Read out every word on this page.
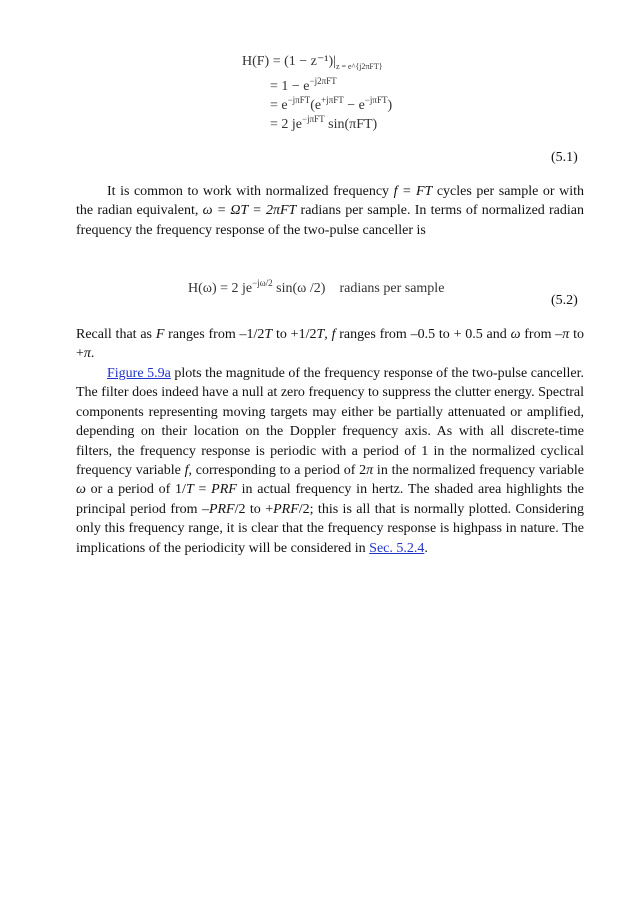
$H(F) = (1 - z^{-1})|_{z = e\^{}\{j2\pi FT\}}$
= $1 - e^{-j2\pi FT}$
= $e^{-j\pi FT}(e^{+j\pi FT} - e^{-j\pi FT})$
= 2 $je^{-j\pi FT}$ sin(πFT)
(5.1)
It is common to work with normalized frequency f = FT cycles per sample or with the radian equivalent, ω = ΩT = 2πFT radians per sample. In terms of normalized radian frequency the frequency response of the two-pulse canceller is
H(ω) = 2 $je^{-j\omega/2}$ sin(ω /2) radians per sample
(5.2)
Recall that as F ranges from –1/2T to +1/2T, f ranges from –0.5 to + 0.5 and ω from –π to +π.
Figure 5.9a plots the magnitude of the frequency response of the two-pulse canceller. The filter does indeed have a null at zero frequency to suppress the clutter energy. Spectral components representing moving targets may either be partially attenuated or amplified, depending on their location on the Doppler frequency axis. As with all discrete-time filters, the frequency response is periodic with a period of 1 in the normalized cyclical frequency variable f, corresponding to a period of 2π in the normalized frequency variable ω or a period of 1/T = PRF in actual frequency in hertz. The shaded area highlights the principal period from –PRF/2 to +PRF/2; this is all that is normally plotted. Considering only this frequency range, it is clear that the frequency response is highpass in nature. The implications of the periodicity will be considered in Sec. 5.2.4.
